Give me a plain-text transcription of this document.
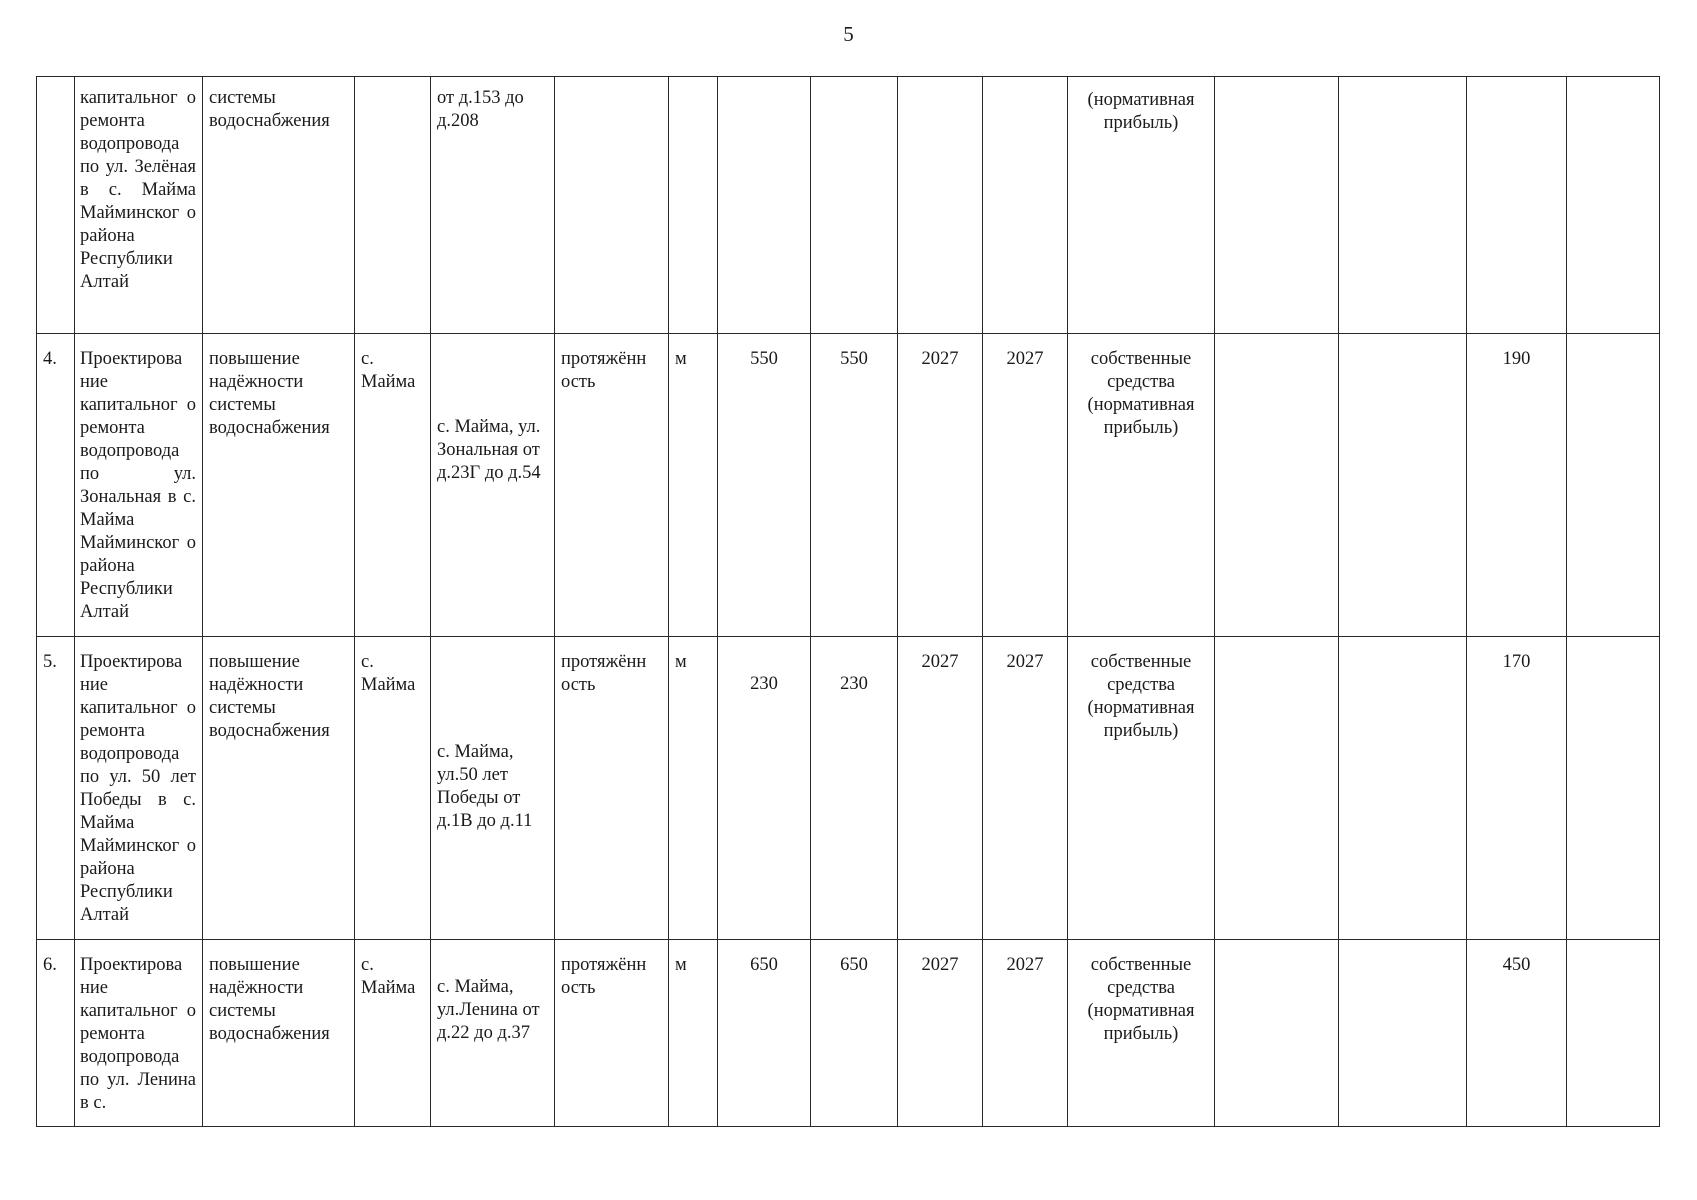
5

	капитальног о ремонта водопровода по ул. Зелёная в с. Майма Майминског о района Республики Алтай	системы водоснабжения		от д.153 до д.208							(нормативная прибыль)				

4.	Проектирова ние капитальног о ремонта водопровода по ул. Зональная в с. Майма Майминског о района Республики Алтай	повышение надёжности системы водоснабжения	с. Майма	с. Майма, ул. Зональная от д.23Г до д.54	протяжённ ость	м	550	550	2027	2027	собственные средства (нормативная прибыль)			190	

5.	Проектирова ние капитальног о ремонта водопровода по ул. 50 лет Победы в с. Майма Майминског о района Республики Алтай	повышение надёжности системы водоснабжения	с. Майма	с. Майма, ул.50 лет Победы от д.1В до д.11	протяжённ ость	м	230	230	2027	2027	собственные средства (нормативная прибыль)			170	

6.	Проектирова ние капитальног о ремонта водопровода по ул. Ленина в с.	повышение надёжности системы водоснабжения	с. Майма	с. Майма, ул.Ленина от д.22 до д.37	протяжённ ость	м	650	650	2027	2027	собственные средства (нормативная прибыль)			450	
